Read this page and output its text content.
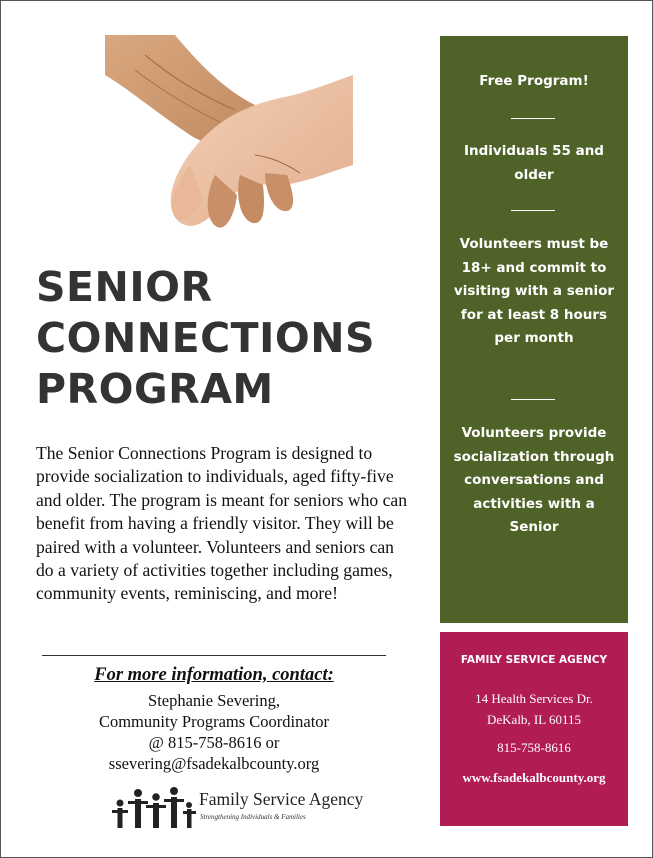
SENIOR
CONNECTIONS
PROGRAM
The Senior Connections Program is designed to provide socialization to individuals, aged fifty-five and older. The program is meant for seniors who can benefit from having a friendly visitor. They will be paired with a volunteer. Volunteers and seniors can do a variety of activities together including games, community events, reminiscing, and more!
For more information, contact:
Stephanie Severing,
Community Programs Coordinator
@ 815-758-8616 or
ssevering@fsadekalbcounty.org
Family Service Agency
Strengthening Individuals & Families
Free Program!
Individuals 55 and older
Volunteers must be 18+ and commit to visiting with a senior for at least 8 hours per month
Volunteers provide socialization through conversations and activities with a Senior
FAMILY SERVICE AGENCY
14 Health Services Dr.
DeKalb, IL 60115
815-758-8616
www.fsadekalbcounty.org
